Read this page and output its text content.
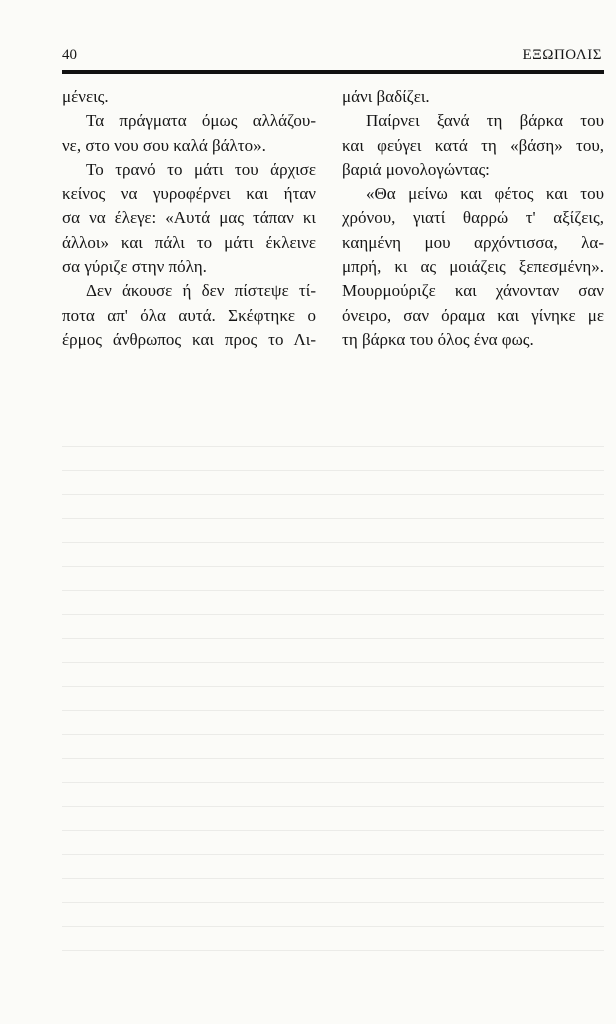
40	ΕΞΩΠΟΛΙΣ
μένεις.
Τα πράγματα όμως αλλάζου-
νε, στο νου σου καλά βάλτο».
Το τρανό το μάτι του άρχισε
κείνος να γυροφέρνει και ήταν
σα να έλεγε: «Αυτά μας τάπαν κι
άλλοι» και πάλι το μάτι έκλεινε
σα γύριζε στην πόλη.
Δεν άκουσε ή δεν πίστεψε τί-
ποτα απ' όλα αυτά. Σκέφτηκε ο
έρμος άνθρωπος και προς το Λι-
μάνι βαδίζει.
Παίρνει ξανά τη βάρκα του
και φεύγει κατά τη «βάση» του,
βαριά μονολογώντας:
«Θα μείνω και φέτος και του
χρόνου, γιατί θαρρώ τ' αξίζεις,
καημένη μου αρχόντισσα, λα-
μπρή, κι ας μοιάζεις ξεπεσμένη».
Μουρμούριζε και χάνονταν σαν
όνειρο, σαν όραμα και γίνηκε με
τη βάρκα του όλος ένα φως.
